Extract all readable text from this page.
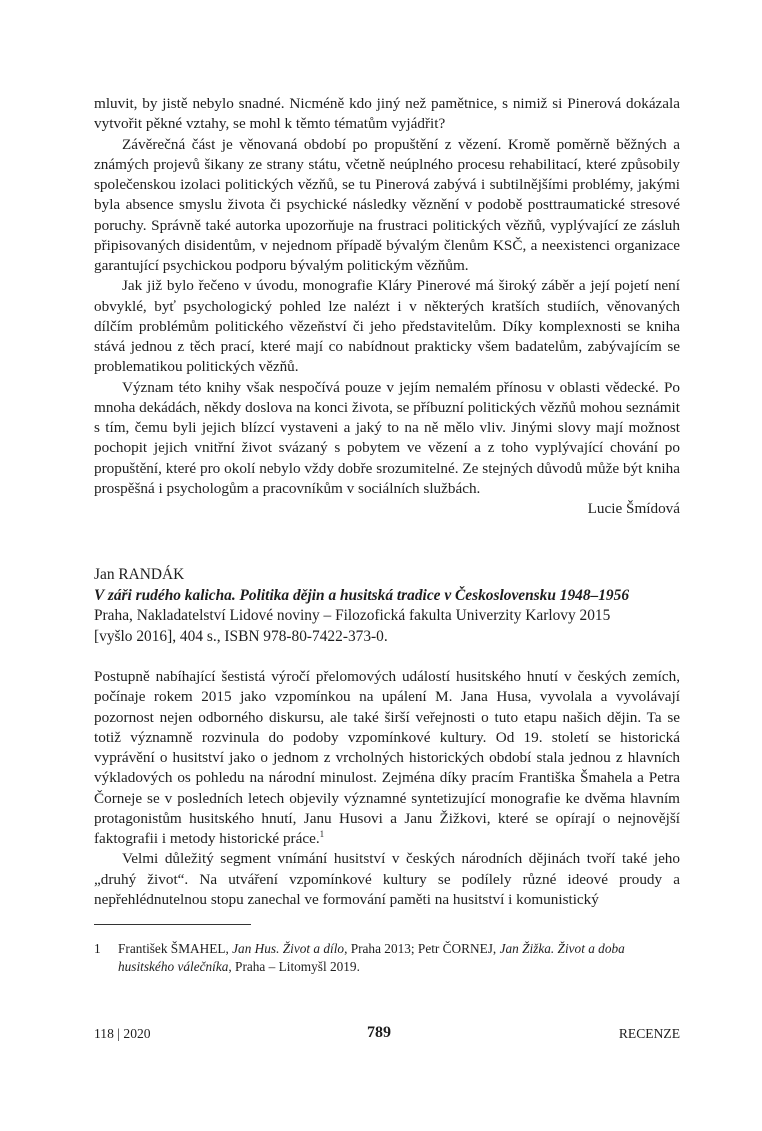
mluvit, by jistě nebylo snadné. Nicméně kdo jiný než pamětnice, s nimiž si Pinerová dokázala vytvořit pěkné vztahy, se mohl k těmto tématům vyjádřit?

Závěrečná část je věnovaná období po propuštění z vězení. Kromě poměrně běžných a známých projevů šikany ze strany státu, včetně neúplného procesu rehabilitací, které způsobily společenskou izolaci politických vězňů, se tu Pinerová zabývá i subtilnějšími problémy, jakými byla absence smyslu života či psychické následky věznění v podobě posttraumatické stresové poruchy. Správně také autorka upozorňuje na frustraci politických vězňů, vyplývající ze zásluh připisovaných disidentům, v nejednom případě bývalým členům KSČ, a neexistenci organizace garantující psychickou podporu bývalým politickým vězňům.

Jak již bylo řečeno v úvodu, monografie Kláry Pinerové má široký záběr a její pojetí není obvyklé, byť psychologický pohled lze nalézt i v některých kratších studiích, věnovaných dílčím problémům politického vězeňství či jeho představitelům. Díky komplexnosti se kniha stává jednou z těch prací, které mají co nabídnout prakticky všem badatelům, zabývajícím se problematikou politických vězňů.

Význam této knihy však nespočívá pouze v jejím nemalém přínosu v oblasti vědecké. Po mnoha dekádách, někdy doslova na konci života, se příbuzní politických vězňů mohou seznámit s tím, čemu byli jejich blízcí vystaveni a jaký to na ně mělo vliv. Jinými slovy mají možnost pochopit jejich vnitřní život svázaný s pobytem ve vězení a z toho vyplývající chování po propuštění, které pro okolí nebylo vždy dobře srozumitelné. Ze stejných důvodů může být kniha prospěšná i psychologům a pracovníkům v sociálních službách.

Lucie Šmídová

Jan RANDÁK
V záři rudého kalicha. Politika dějin a husitská tradice v Československu 1948–1956
Praha, Nakladatelství Lidové noviny – Filozofická fakulta Univerzity Karlovy 2015
[vyšlo 2016], 404 s., ISBN 978-80-7422-373-0.

Postupně nabíhající šestistá výročí přelomových událostí husitského hnutí v českých zemích, počínaje rokem 2015 jako vzpomínkou na upálení M. Jana Husa, vyvolala a vyvolávají pozornost nejen odborného diskursu, ale také širší veřejnosti o tuto etapu našich dějin. Ta se totiž významně rozvinula do podoby vzpomínkové kultury. Od 19. století se historická vyprávění o husitství jako o jednom z vrcholných historických období stala jednou z hlavních výkladových os pohledu na národní minulost. Zejména díky pracím Františka Šmahela a Petra Čorneje se v posledních letech objevily významné syntetizující monografie ke dvěma hlavním protagonistům husitského hnutí, Janu Husovi a Janu Žižkovi, které se opírají o nejnovější faktografii i metody historické práce.$^1$

Velmi důležitý segment vnímání husitství v českých národních dějinách tvoří také jeho „druhý život“. Na utváření vzpomínkové kultury se podílely různé ideové proudy a nepřehlédnutelnou stopu zanechal ve formování paměti na husitství i komunistický

1 František ŠMAHEL, Jan Hus. Život a dílo, Praha 2013; Petr ČORNEJ, Jan Žižka. Život a doba husitského válečníka, Praha – Litomyšl 2019.
118 | 2020	789	RECENZE
